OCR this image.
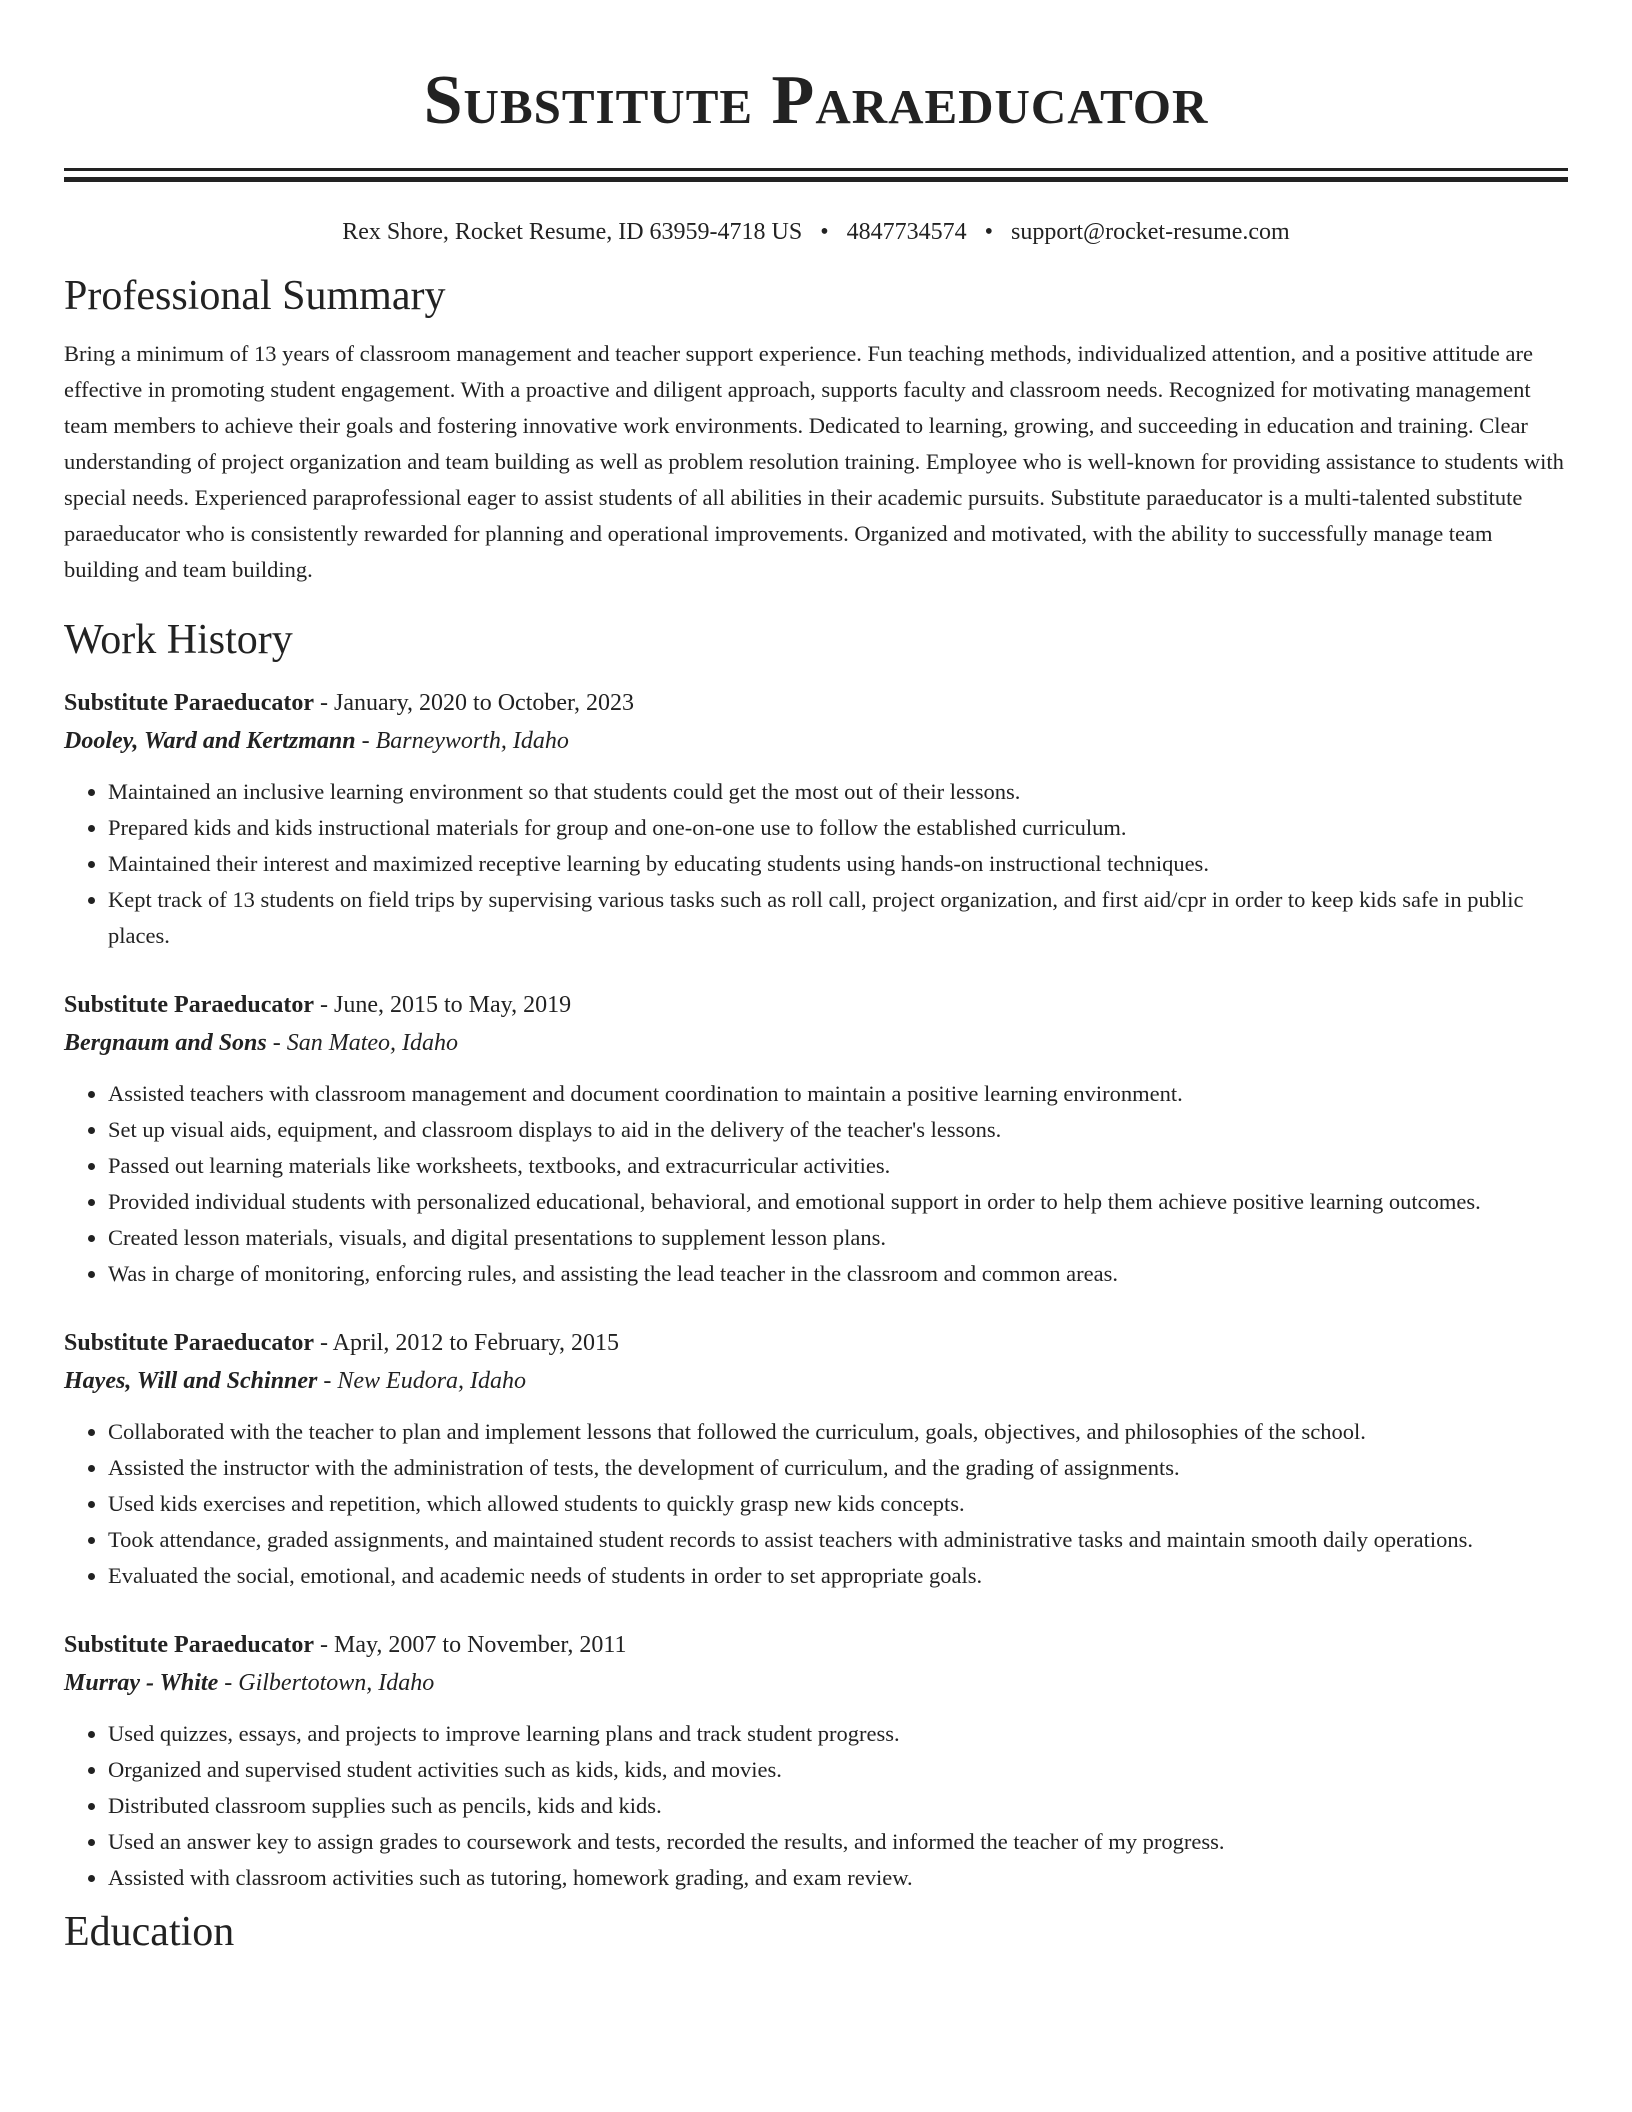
Substitute Paraeducator
Rex Shore, Rocket Resume, ID 63959-4718 US • 4847734574 • support@rocket-resume.com
Professional Summary

Bring a minimum of 13 years of classroom management and teacher support experience. Fun teaching methods, individualized attention, and a positive attitude are effective in promoting student engagement. With a proactive and diligent approach, supports faculty and classroom needs. Recognized for motivating management team members to achieve their goals and fostering innovative work environments. Dedicated to learning, growing, and succeeding in education and training. Clear understanding of project organization and team building as well as problem resolution training. Employee who is well-known for providing assistance to students with special needs. Experienced paraprofessional eager to assist students of all abilities in their academic pursuits. Substitute paraeducator is a multi-talented substitute paraeducator who is consistently rewarded for planning and operational improvements. Organized and motivated, with the ability to successfully manage team building and team building.

Work History
Substitute Paraeducator - January, 2020 to October, 2023
Dooley, Ward and Kertzmann - Barneyworth, Idaho
• Maintained an inclusive learning environment so that students could get the most out of their lessons.
• Prepared kids and kids instructional materials for group and one-on-one use to follow the established curriculum.
• Maintained their interest and maximized receptive learning by educating students using hands-on instructional techniques.
• Kept track of 13 students on field trips by supervising various tasks such as roll call, project organization, and first aid/cpr in order to keep kids safe in public places.
Substitute Paraeducator - June, 2015 to May, 2019
Bergnaum and Sons - San Mateo, Idaho
• Assisted teachers with classroom management and document coordination to maintain a positive learning environment.
• Set up visual aids, equipment, and classroom displays to aid in the delivery of the teacher's lessons.
• Passed out learning materials like worksheets, textbooks, and extracurricular activities.
• Provided individual students with personalized educational, behavioral, and emotional support in order to help them achieve positive learning outcomes.
• Created lesson materials, visuals, and digital presentations to supplement lesson plans.
• Was in charge of monitoring, enforcing rules, and assisting the lead teacher in the classroom and common areas.
Substitute Paraeducator - April, 2012 to February, 2015
Hayes, Will and Schinner - New Eudora, Idaho
• Collaborated with the teacher to plan and implement lessons that followed the curriculum, goals, objectives, and philosophies of the school.
• Assisted the instructor with the administration of tests, the development of curriculum, and the grading of assignments.
• Used kids exercises and repetition, which allowed students to quickly grasp new kids concepts.
• Took attendance, graded assignments, and maintained student records to assist teachers with administrative tasks and maintain smooth daily operations.
• Evaluated the social, emotional, and academic needs of students in order to set appropriate goals.
Substitute Paraeducator - May, 2007 to November, 2011
Murray - White - Gilbertotown, Idaho
• Used quizzes, essays, and projects to improve learning plans and track student progress.
• Organized and supervised student activities such as kids, kids, and movies.
• Distributed classroom supplies such as pencils, kids and kids.
• Used an answer key to assign grades to coursework and tests, recorded the results, and informed the teacher of my progress.
• Assisted with classroom activities such as tutoring, homework grading, and exam review.
Education
